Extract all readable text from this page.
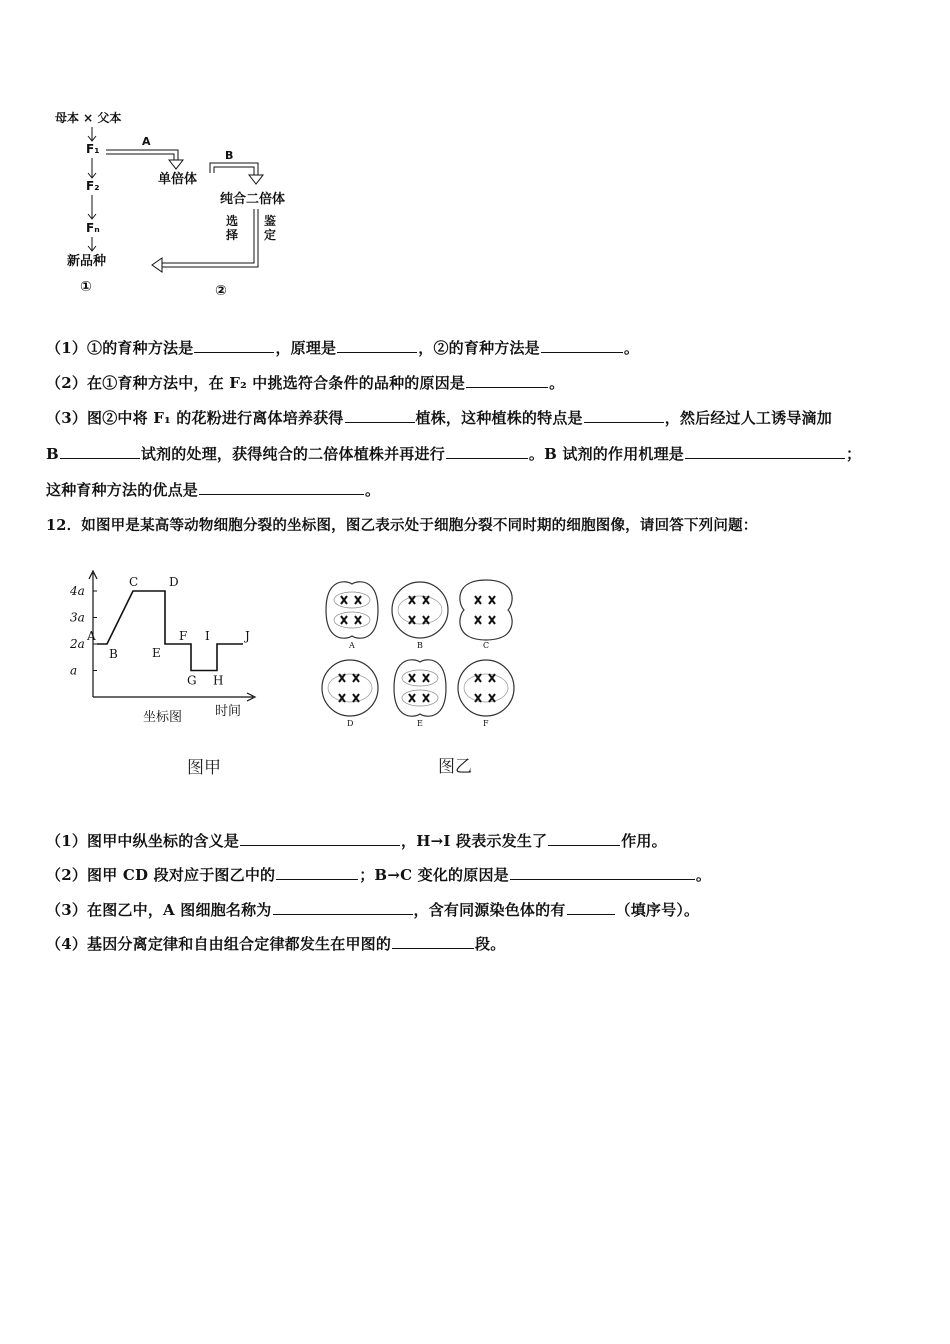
母本 × 父本
F₁
F₂
Fₙ
新品种
①
A
单倍体
B
纯合二倍体
选
择
鉴
定
②
（1）①的育种方法是	，原理是	，②的育种方法是	。
（2）在①育种方法中，在 F₂ 中挑选符合条件的品种的原因是	。
（3）图②中将 F₁ 的花粉进行离体培养获得	植株，这种植株的特点是	，然后经过人工诱导滴加
B	试剂的处理，获得纯合的二倍体植株并再进行	。B 试剂的作用机理是	；
这种育种方法的优点是	。
12．如图甲是某高等动物细胞分裂的坐标图，图乙表示处于细胞分裂不同时期的细胞图像，请回答下列问题：
4a
3a
2a
a
A
B
C	D
E
F
G H
I	J
时间
坐标图
图甲
A	B	C
D	E	F
图乙
（1）图甲中纵坐标的含义是	，H→I 段表示发生了	作用。
（2）图甲 CD 段对应于图乙中的	；B→C 变化的原因是	。
（3）在图乙中，A 图细胞名称为	，含有同源染色体的有	（填序号）。
（4）基因分离定律和自由组合定律都发生在甲图的	段。
